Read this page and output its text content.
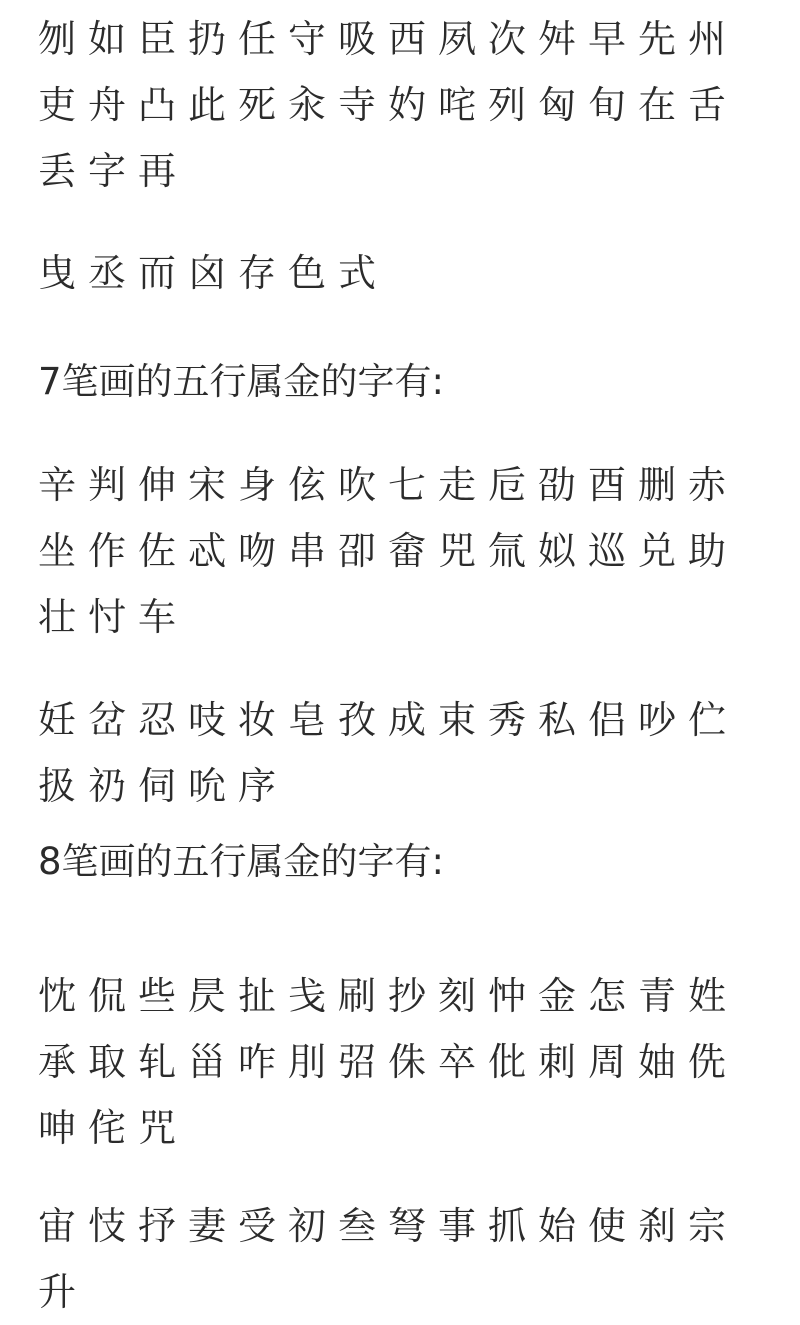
刎如臣扔任守吸西夙次舛早先州吏舟凸此死汆寺妁咤列匈旬在舌丢字再
曳丞而囟存色式
7笔画的五行属金的字有:
辛判伸宋身伭吹七走卮劭酉删赤坐作佐忒吻串卲畲兕氚姒巡兑助壮忖车
妊岔忍吱妆皂孜成束秀私侣吵伫扱礽伺吮序
8笔画的五行属金的字有:
忱侃些昃扯戋刷抄刻忡金怎青姓承取轧甾咋刖弨侏卒仳刺周妯侁呻侘咒
宙忮抒妻受初叁弩事抓始使刹宗升
